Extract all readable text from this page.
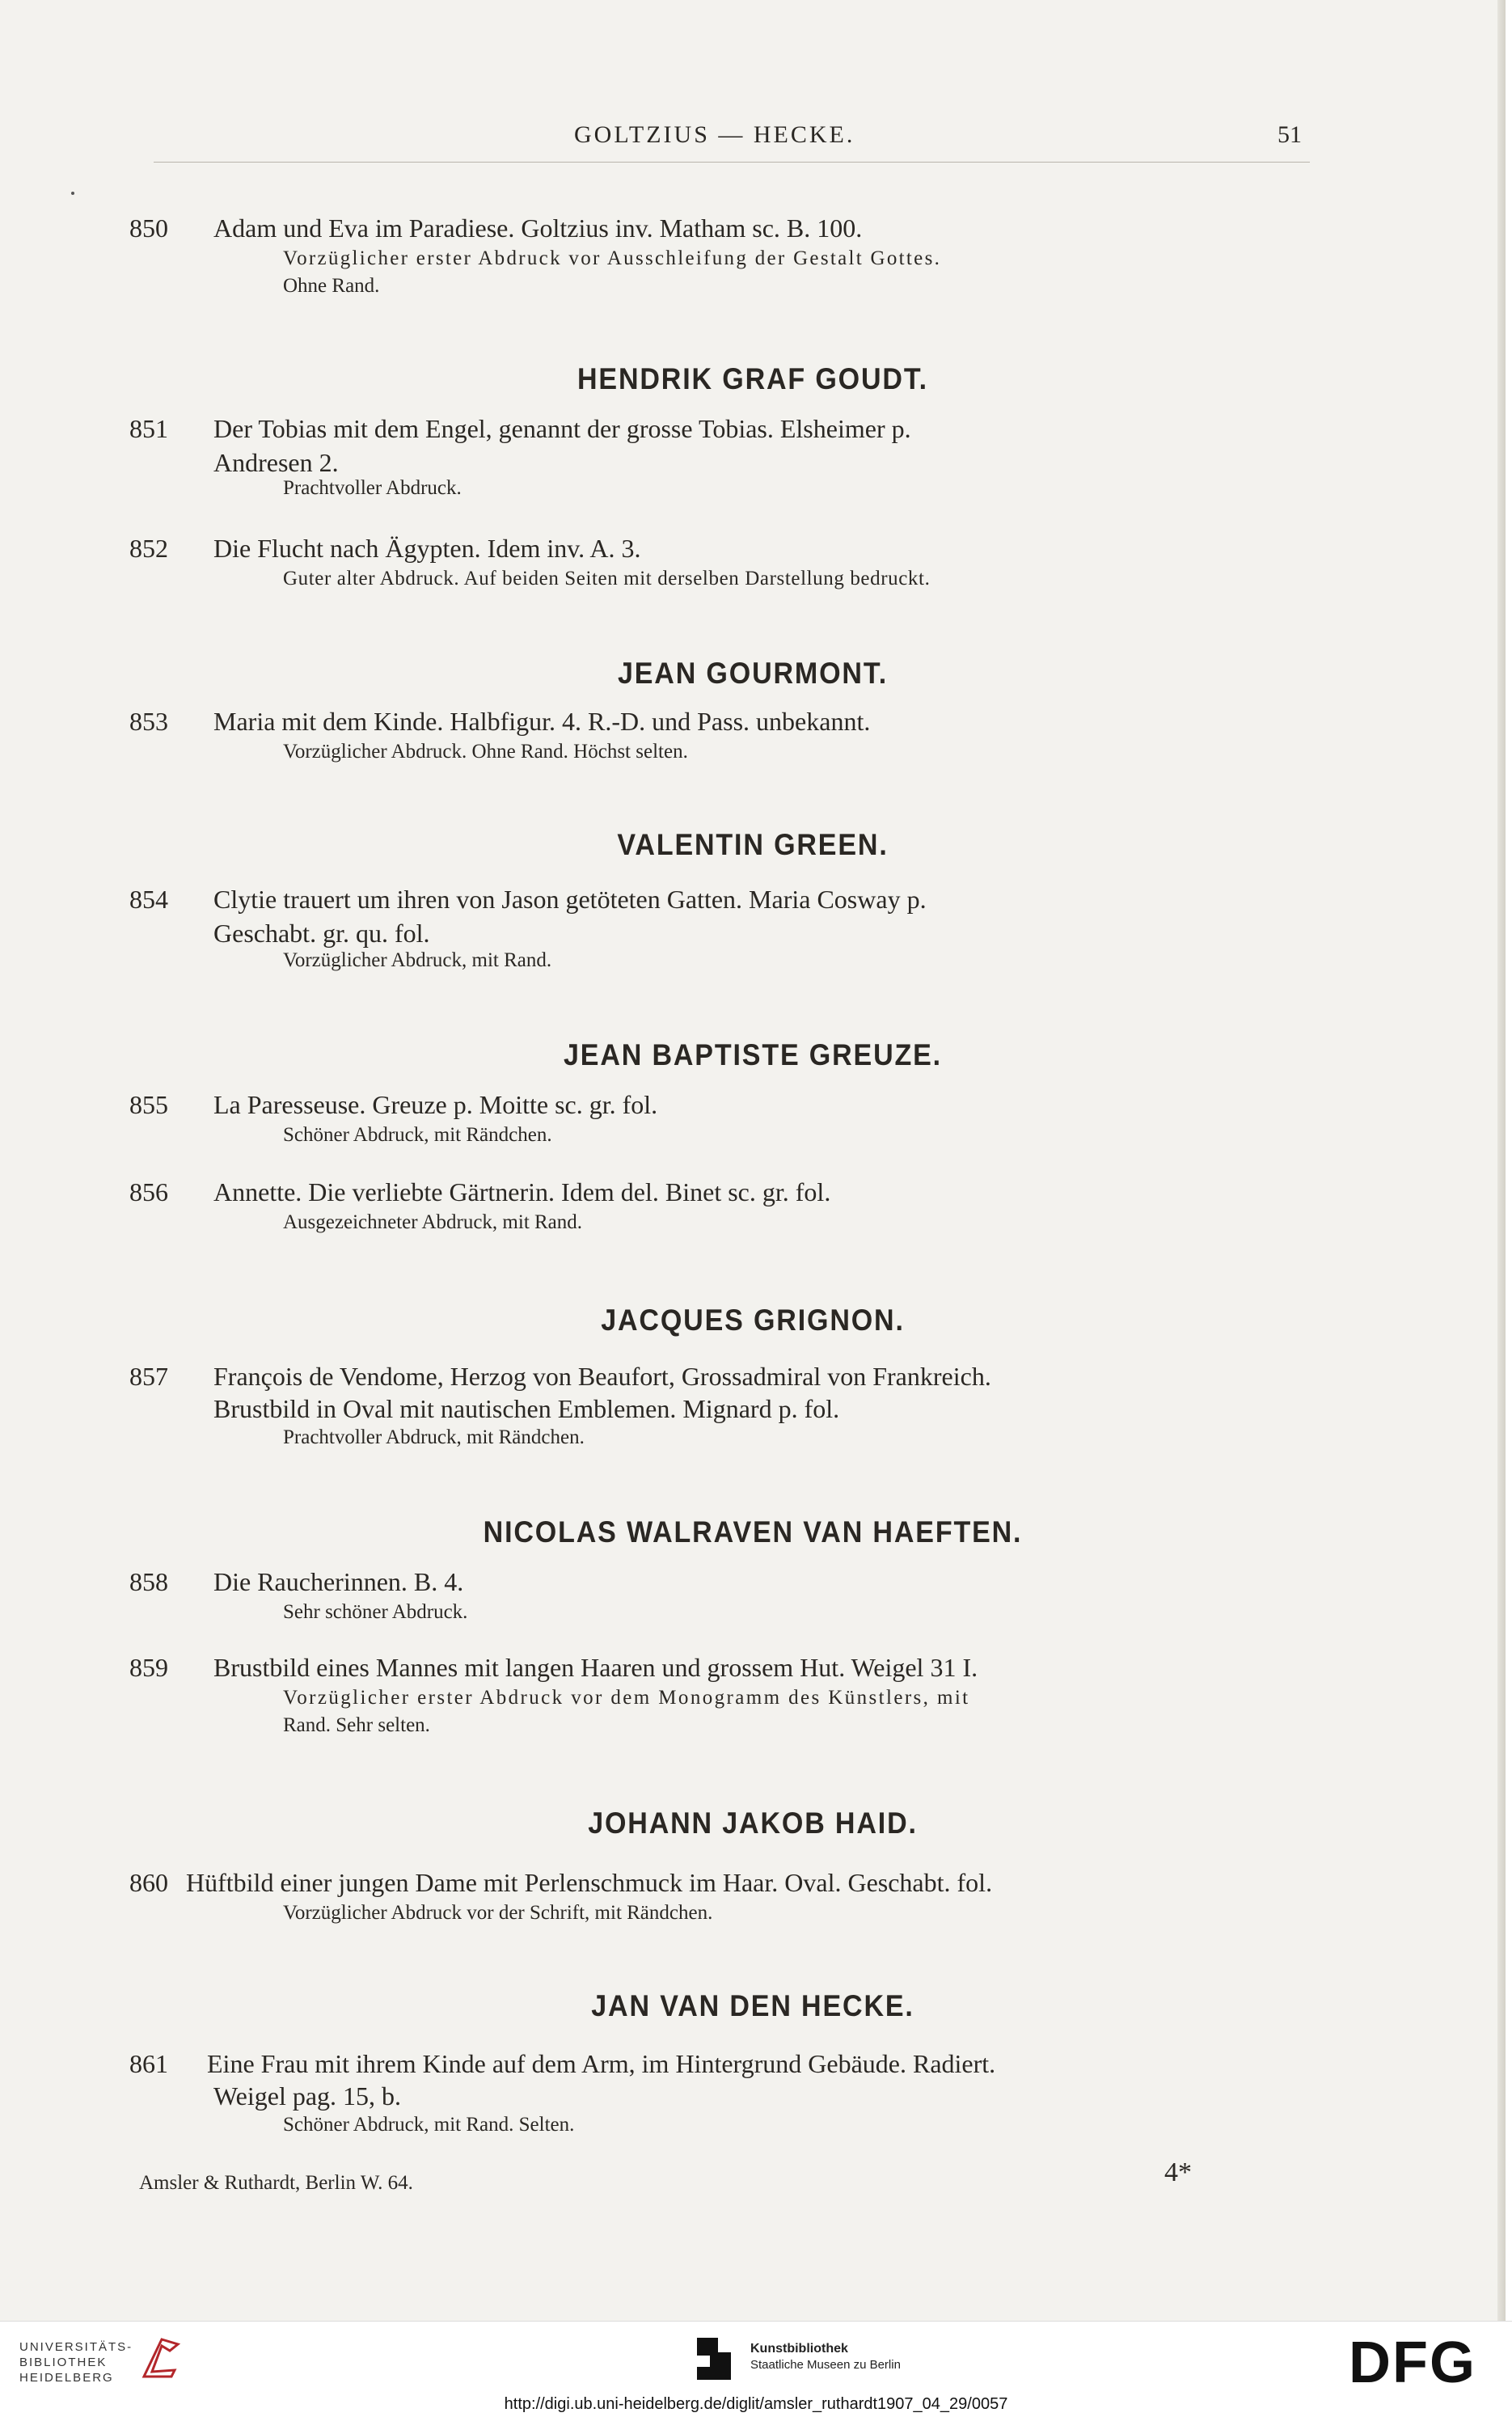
GOLTZIUS — HECKE.	51
850	Adam und Eva im Paradiese. Goltzius inv. Matham sc. B. 100.
Vorzüglicher erster Abdruck vor Ausschleifung der Gestalt Gottes.
Ohne Rand.
HENDRIK GRAF GOUDT.
851	Der Tobias mit dem Engel, genannt der grosse Tobias. Elsheimer p.
Andresen 2.
Prachtvoller Abdruck.
852	Die Flucht nach Ägypten. Idem inv. A. 3.
Guter alter Abdruck. Auf beiden Seiten mit derselben Darstellung bedruckt.
JEAN GOURMONT.
853	Maria mit dem Kinde. Halbfigur. 4. R.-D. und Pass. unbekannt.
Vorzüglicher Abdruck. Ohne Rand. Höchst selten.
VALENTIN GREEN.
854	Clytie trauert um ihren von Jason getöteten Gatten. Maria Cosway p.
Geschabt. gr. qu. fol.
Vorzüglicher Abdruck, mit Rand.
JEAN BAPTISTE GREUZE.
855	La Paresseuse. Greuze p. Moitte sc. gr. fol.
Schöner Abdruck, mit Rändchen.
856	Annette. Die verliebte Gärtnerin. Idem del. Binet sc. gr. fol.
Ausgezeichneter Abdruck, mit Rand.
JACQUES GRIGNON.
857	François de Vendome, Herzog von Beaufort, Grossadmiral von Frankreich.
Brustbild in Oval mit nautischen Emblemen. Mignard p. fol.
Prachtvoller Abdruck, mit Rändchen.
NICOLAS WALRAVEN VAN HAEFTEN.
858	Die Raucherinnen. B. 4.
Sehr schöner Abdruck.
859	Brustbild eines Mannes mit langen Haaren und grossem Hut. Weigel 31 I.
Vorzüglicher erster Abdruck vor dem Monogramm des Künstlers, mit
Rand. Sehr selten.
JOHANN JAKOB HAID.
860 Hüftbild einer jungen Dame mit Perlenschmuck im Haar. Oval. Geschabt. fol.
Vorzüglicher Abdruck vor der Schrift, mit Rändchen.
JAN VAN DEN HECKE.
861	Eine Frau mit ihrem Kinde auf dem Arm, im Hintergrund Gebäude. Radiert.
Weigel pag. 15, b.
Schöner Abdruck, mit Rand. Selten.
Amsler & Ruthardt, Berlin W. 64.	4*
UNIVERSITÄTS-
BIBLIOTHEK
HEIDELBERG
Kunstbibliothek
Staatliche Museen zu Berlin	DFG
http://digi.ub.uni-heidelberg.de/diglit/amsler_ruthardt1907_04_29/0057
